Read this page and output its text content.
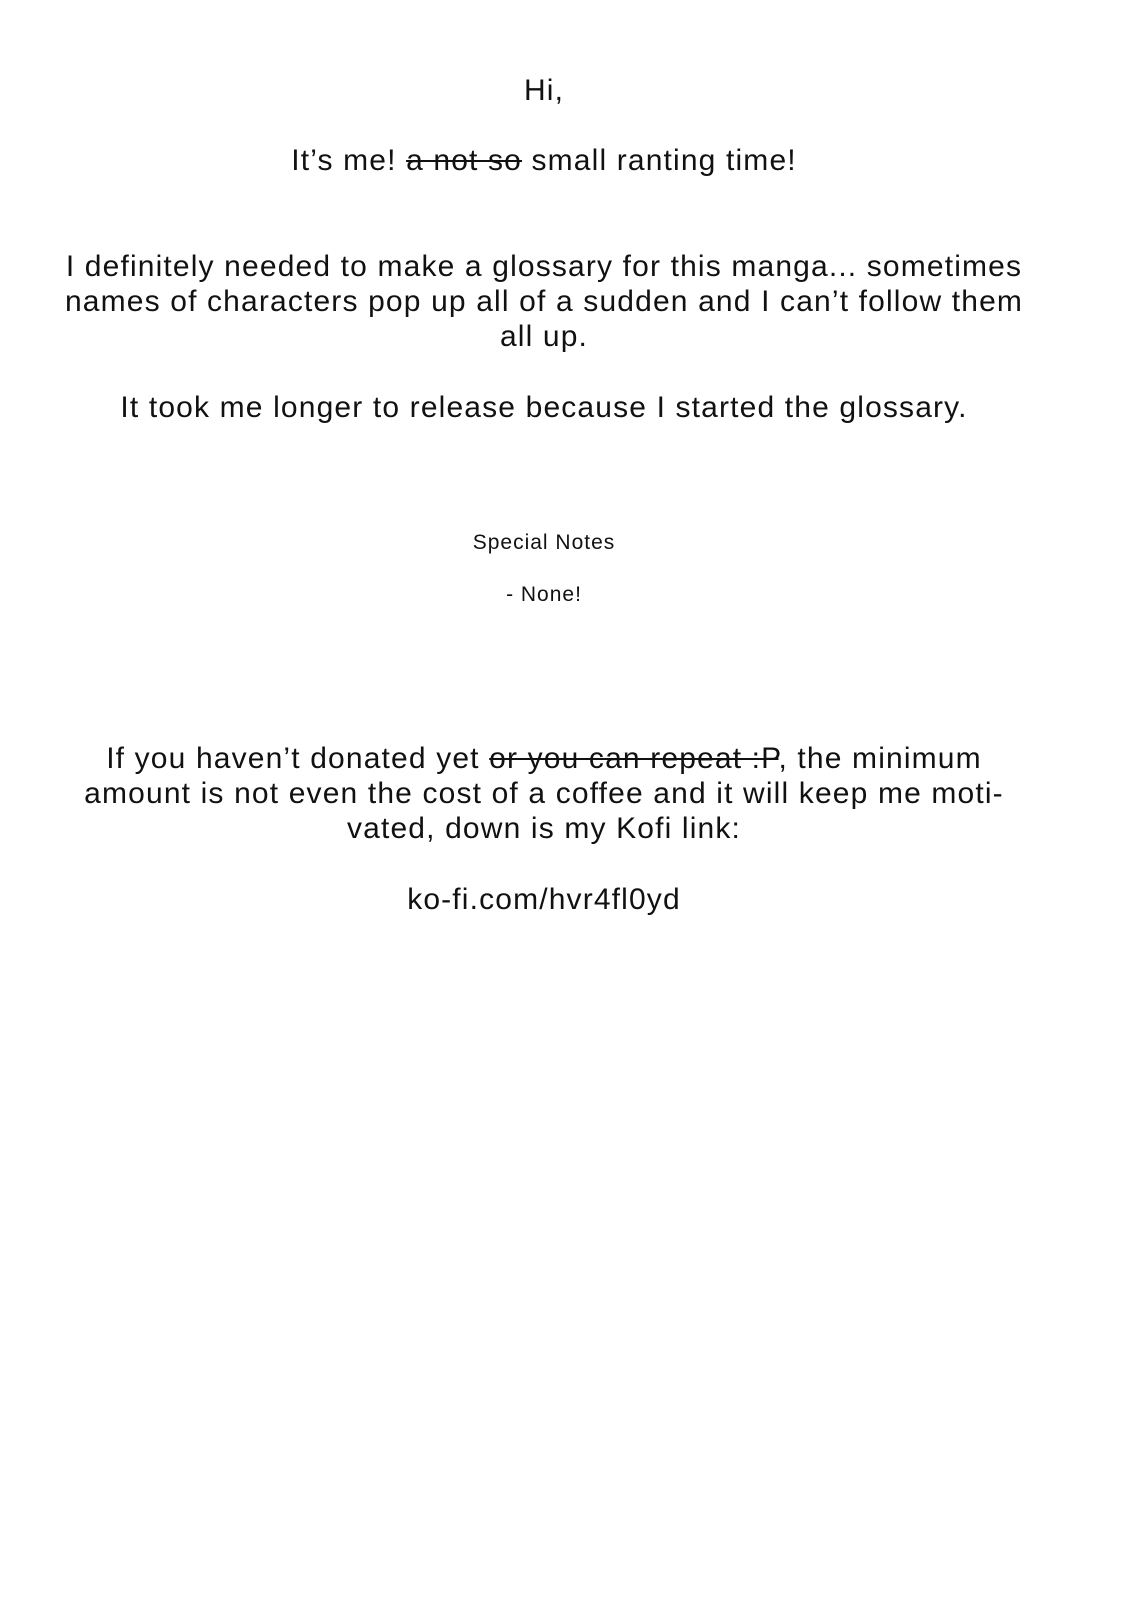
Hi,
It’s me! a not so small ranting time!
I definitely needed to make a glossary for this manga... sometimes
names of characters pop up all of a sudden and I can’t follow them
all up.
It took me longer to release because I started the glossary.
Special Notes
- None!
If you haven’t donated yet or you can repeat :P, the minimum
amount is not even the cost of a coffee and it will keep me moti-
vated, down is my Kofi link:
ko-fi.com/hvr4fl0yd
